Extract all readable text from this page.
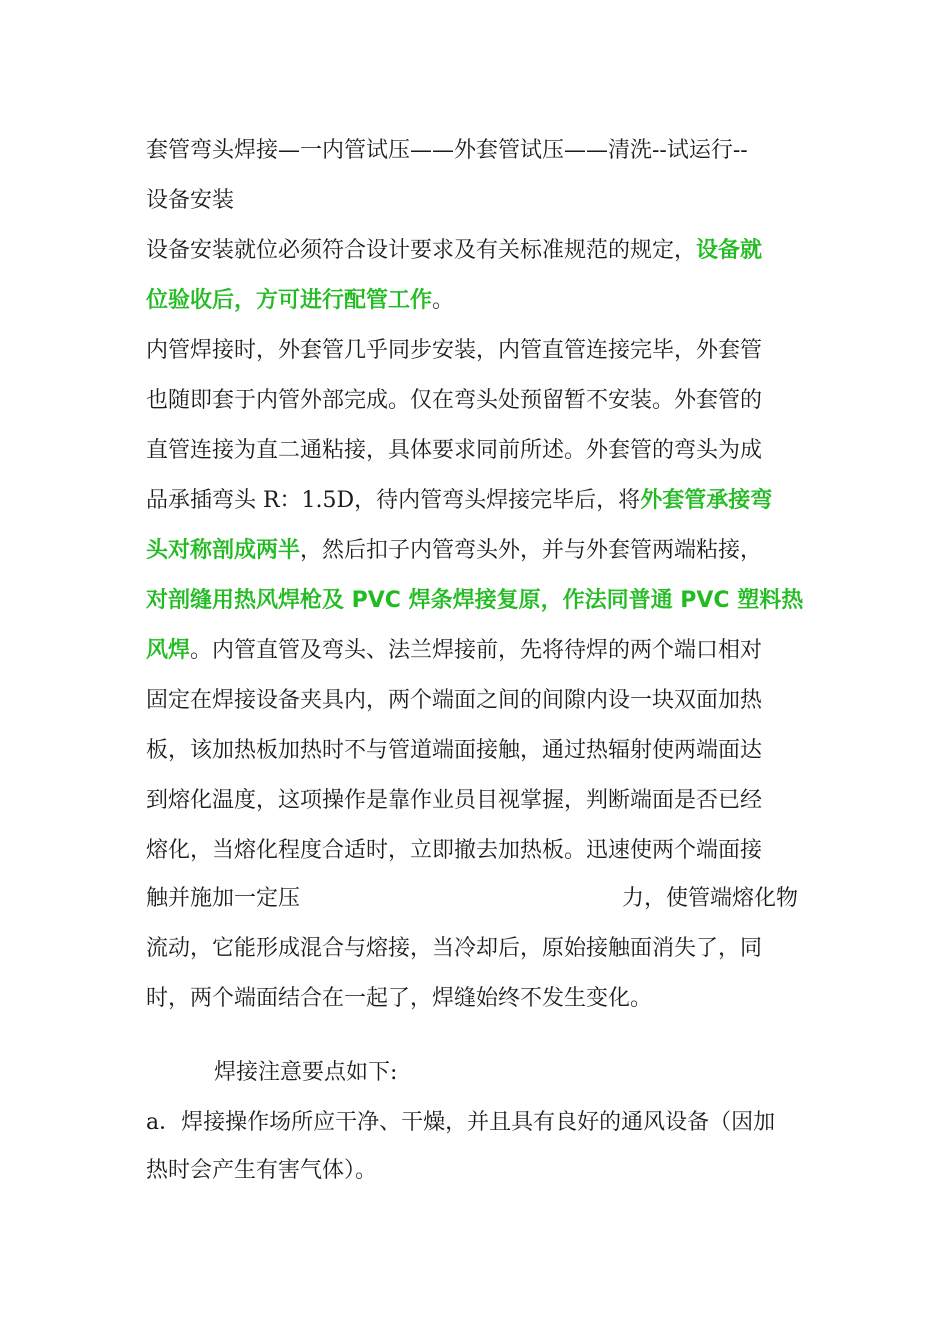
套管弯头焊接—一内管试压——外套管试压——清洗--试运行--

设备安装

设备安装就位必须符合设计要求及有关标准规范的规定，设备就

位验收后，方可进行配管工作。

内管焊接时，外套管几乎同步安装，内管直管连接完毕，外套管

也随即套于内管外部完成。仅在弯头处预留暂不安装。外套管的

直管连接为直二通粘接，具体要求同前所述。外套管的弯头为成

品承插弯头 R：1.5D，待内管弯头焊接完毕后，将外套管承接弯

头对称剖成两半，然后扣子内管弯头外，并与外套管两端粘接，

对剖缝用热风焊枪及 PVC 焊条焊接复原，作法同普通 PVC 塑料热

风焊。内管直管及弯头、法兰焊接前，先将待焊的两个端口相对

固定在焊接设备夹具内，两个端面之间的间隙内设一块双面加热

板，该加热板加热时不与管道端面接触，通过热辐射使两端面达

到熔化温度，这项操作是靠作业员目视掌握，判断端面是否已经

熔化，当熔化程度合适时，立即撤去加热板。迅速使两个端面接

触并施加一定压	力，使管端熔化物

流动，它能形成混合与熔接，当冷却后，原始接触面消失了，同

时，两个端面结合在一起了，焊缝始终不发生变化。

焊接注意要点如下:

a．焊接操作场所应干净、干燥，并且具有良好的通风设备（因加

热时会产生有害气体）。
